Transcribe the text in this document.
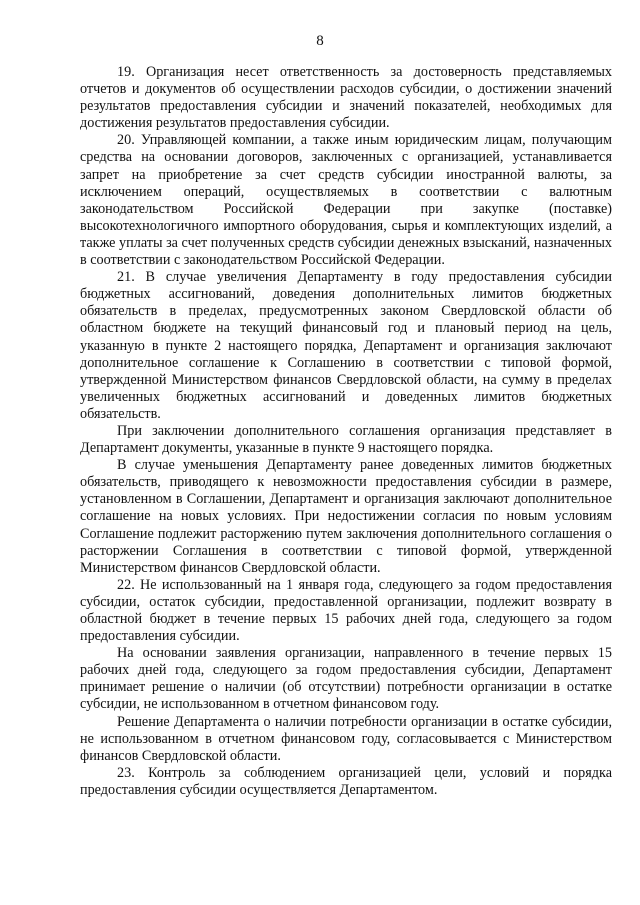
8

19. Организация несет ответственность за достоверность представляемых отчетов и документов об осуществлении расходов субсидии, о достижении значений результатов предоставления субсидии и значений показателей, необходимых для достижения результатов предоставления субсидии.

20. Управляющей компании, а также иным юридическим лицам, получающим средства на основании договоров, заключенных с организацией, устанавливается запрет на приобретение за счет средств субсидии иностранной валюты, за исключением операций, осуществляемых в соответствии с валютным законодательством Российской Федерации при закупке (поставке) высокотехнологичного импортного оборудования, сырья и комплектующих изделий, а также уплаты за счет полученных средств субсидии денежных взысканий, назначенных в соответствии с законодательством Российской Федерации.

21. В случае увеличения Департаменту в году предоставления субсидии бюджетных ассигнований, доведения дополнительных лимитов бюджетных обязательств в пределах, предусмотренных законом Свердловской области об областном бюджете на текущий финансовый год и плановый период на цель, указанную в пункте 2 настоящего порядка, Департамент и организация заключают дополнительное соглашение к Соглашению в соответствии с типовой формой, утвержденной Министерством финансов Свердловской области, на сумму в пределах увеличенных бюджетных ассигнований и доведенных лимитов бюджетных обязательств.

При заключении дополнительного соглашения организация представляет в Департамент документы, указанные в пункте 9 настоящего порядка.

В случае уменьшения Департаменту ранее доведенных лимитов бюджетных обязательств, приводящего к невозможности предоставления субсидии в размере, установленном в Соглашении, Департамент и организация заключают дополнительное соглашение на новых условиях. При недостижении согласия по новым условиям Соглашение подлежит расторжению путем заключения дополнительного соглашения о расторжении Соглашения в соответствии с типовой формой, утвержденной Министерством финансов Свердловской области.

22. Не использованный на 1 января года, следующего за годом предоставления субсидии, остаток субсидии, предоставленной организации, подлежит возврату в областной бюджет в течение первых 15 рабочих дней года, следующего за годом предоставления субсидии.

На основании заявления организации, направленного в течение первых 15 рабочих дней года, следующего за годом предоставления субсидии, Департамент принимает решение о наличии (об отсутствии) потребности организации в остатке субсидии, не использованном в отчетном финансовом году.

Решение Департамента о наличии потребности организации в остатке субсидии, не использованном в отчетном финансовом году, согласовывается с Министерством финансов Свердловской области.

23. Контроль за соблюдением организацией цели, условий и порядка предоставления субсидии осуществляется Департаментом.
